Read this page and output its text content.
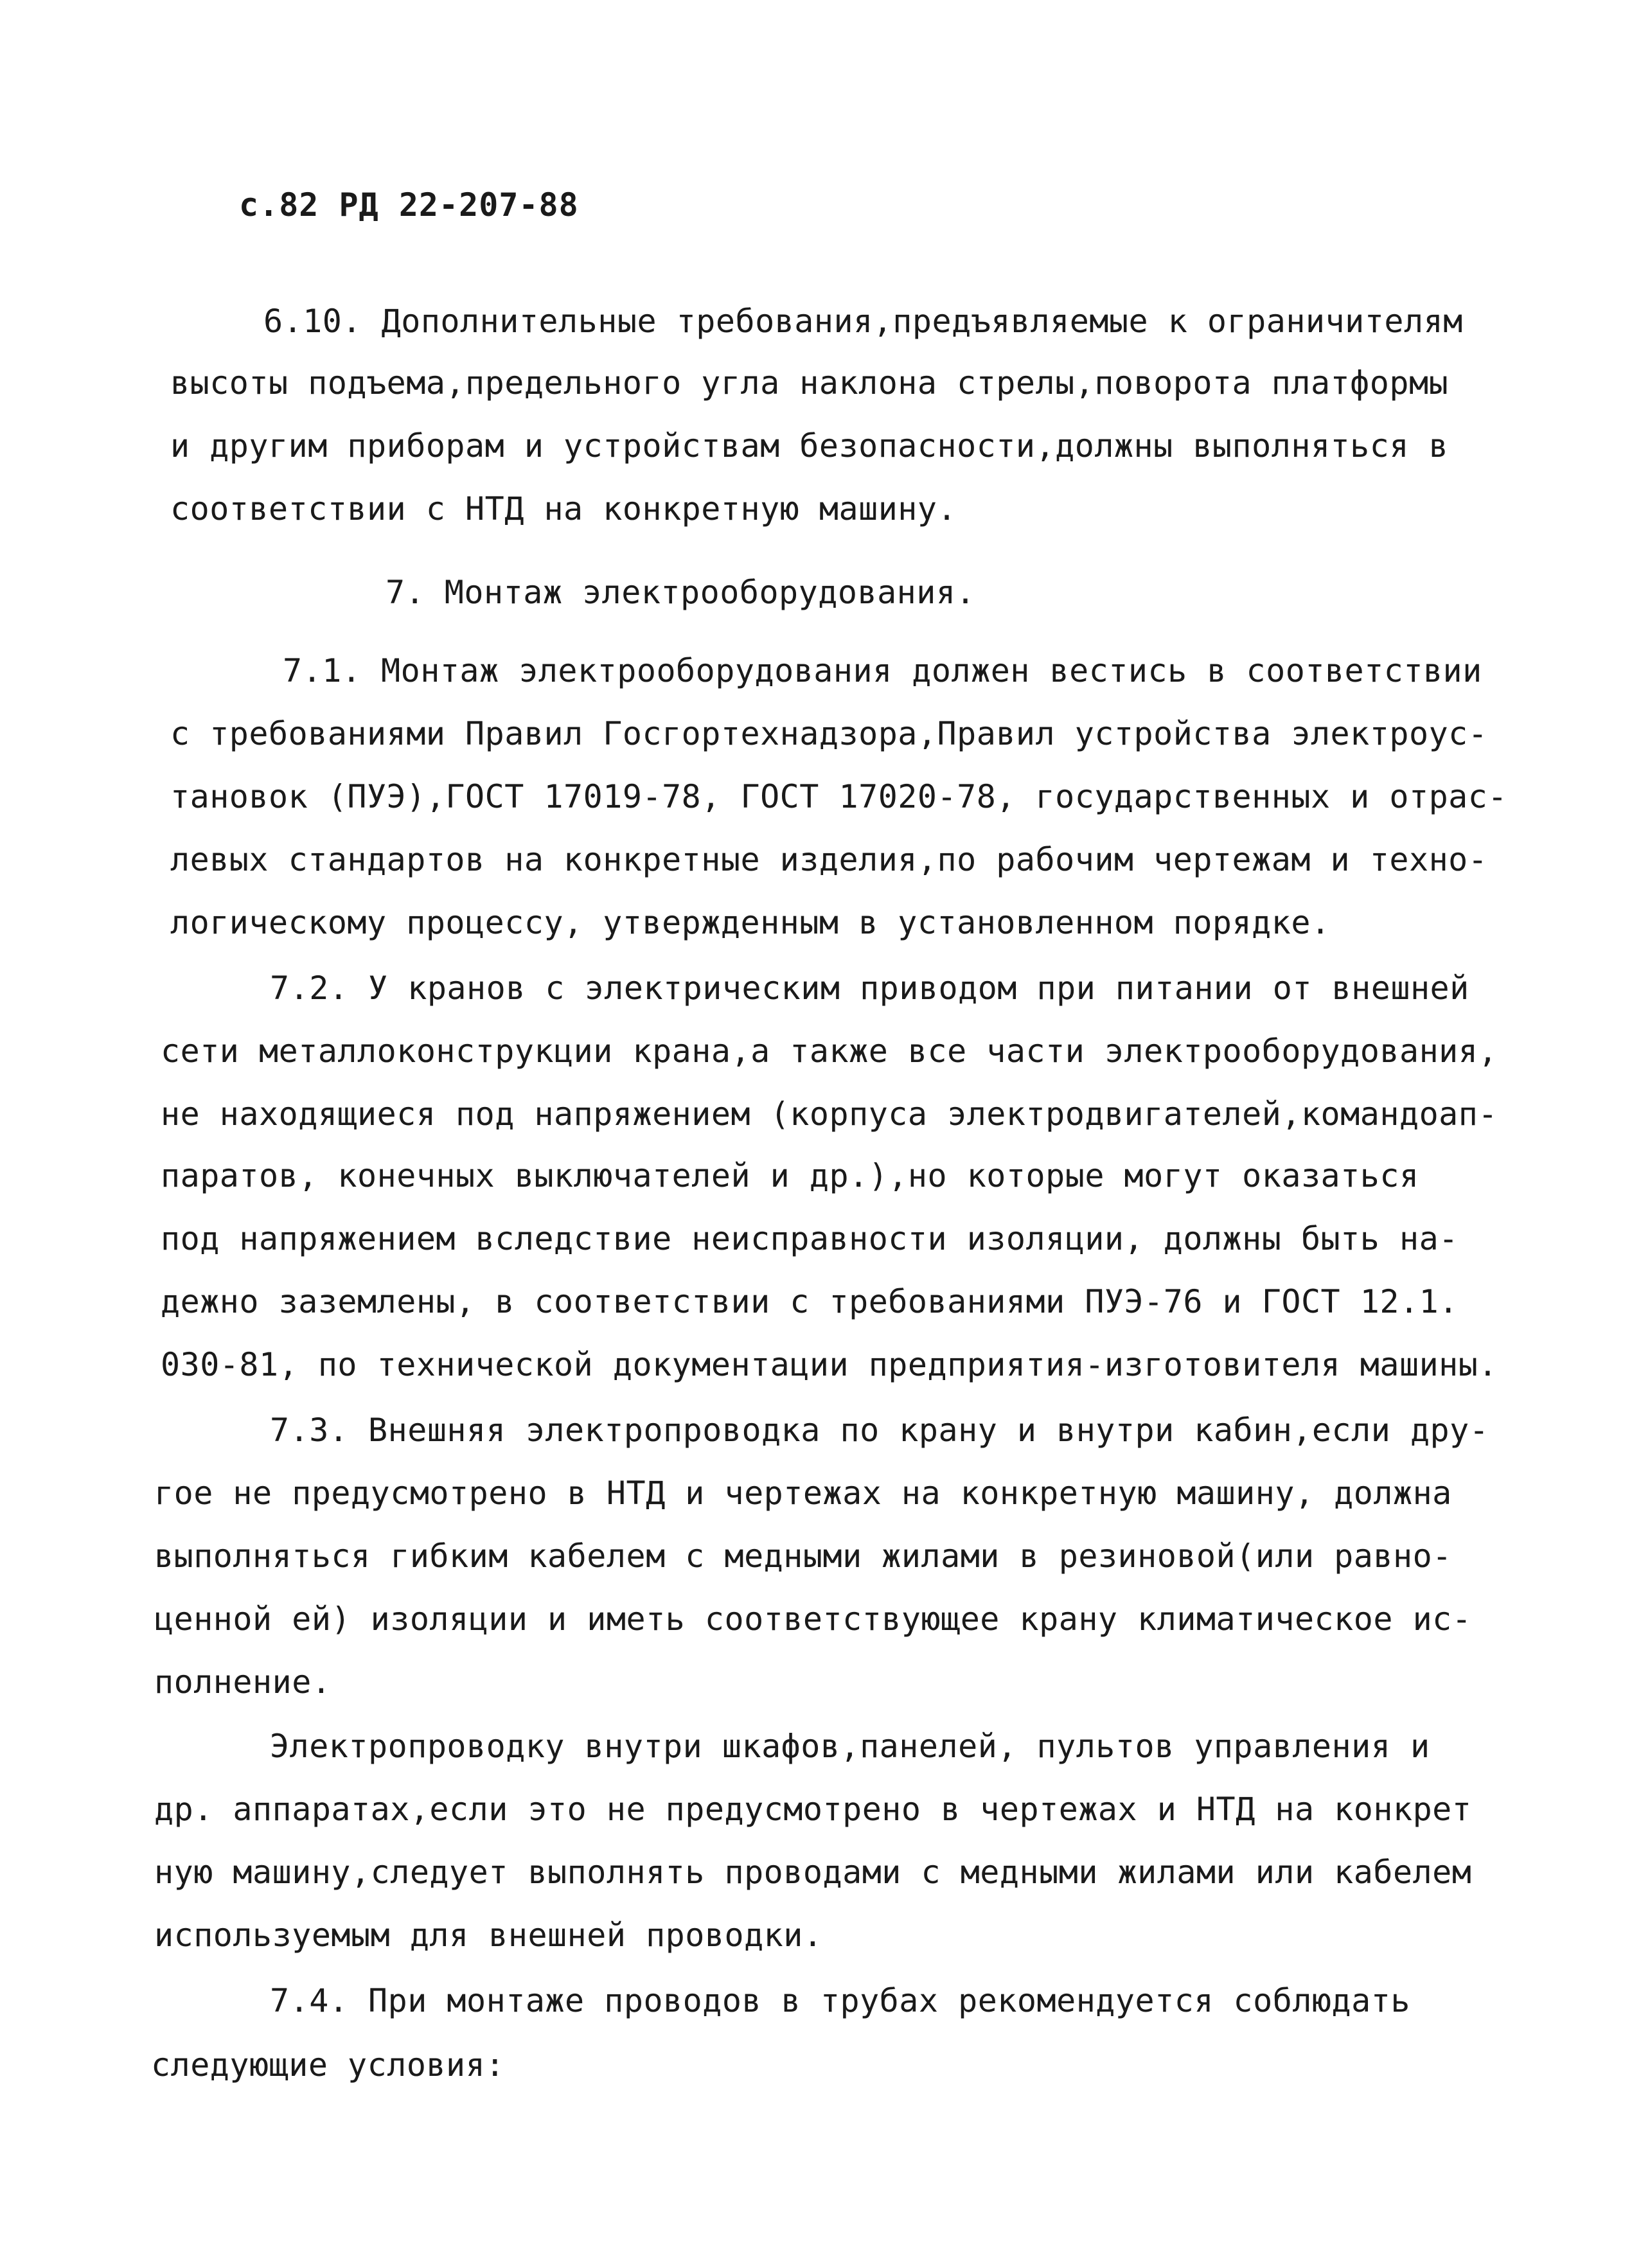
с.82 РД 22-207-88
6.10. Дополнительные требования,предъявляемые к ограничителям
высоты подъема,предельного угла наклона стрелы,поворота платформы
и другим приборам и устройствам безопасности,должны выполняться в
соответствии с НТД на конкретную машину.
7. Монтаж электрооборудования.
7.1. Монтаж электрооборудования должен вестись в соответствии
с требованиями Правил Госгортехнадзора,Правил устройства электроус-
тановок (ПУЭ),ГОСТ 17019-78, ГОСТ 17020-78, государственных и отрас-
левых стандартов на конкретные изделия,по рабочим чертежам и техно-
логическому процессу, утвержденным в установленном порядке.
7.2. У кранов с электрическим приводом при питании от внешней
сети металлоконструкции крана,а также все части электрооборудования,
не находящиеся под напряжением (корпуса электродвигателей,командоап-
паратов, конечных выключателей и др.),но которые могут оказаться
под напряжением вследствие неисправности изоляции, должны быть на-
дежно заземлены, в соответствии с требованиями ПУЭ-76 и ГОСТ 12.1.
030-81, по технической документации предприятия-изготовителя машины.
7.3. Внешняя электропроводка по крану и внутри кабин,если дру-
гое не предусмотрено в НТД и чертежах на конкретную машину, должна
выполняться гибким кабелем с медными жилами в резиновой(или равно-
ценной ей) изоляции и иметь соответствующее крану климатическое ис-
полнение.
Электропроводку внутри шкафов,панелей, пультов управления и
др. аппаратах,если это не предусмотрено в чертежах и НТД на конкрет
ную машину,следует выполнять проводами с медными жилами или кабелем
используемым для внешней проводки.
7.4. При монтаже проводов в трубах рекомендуется соблюдать
следующие условия:
